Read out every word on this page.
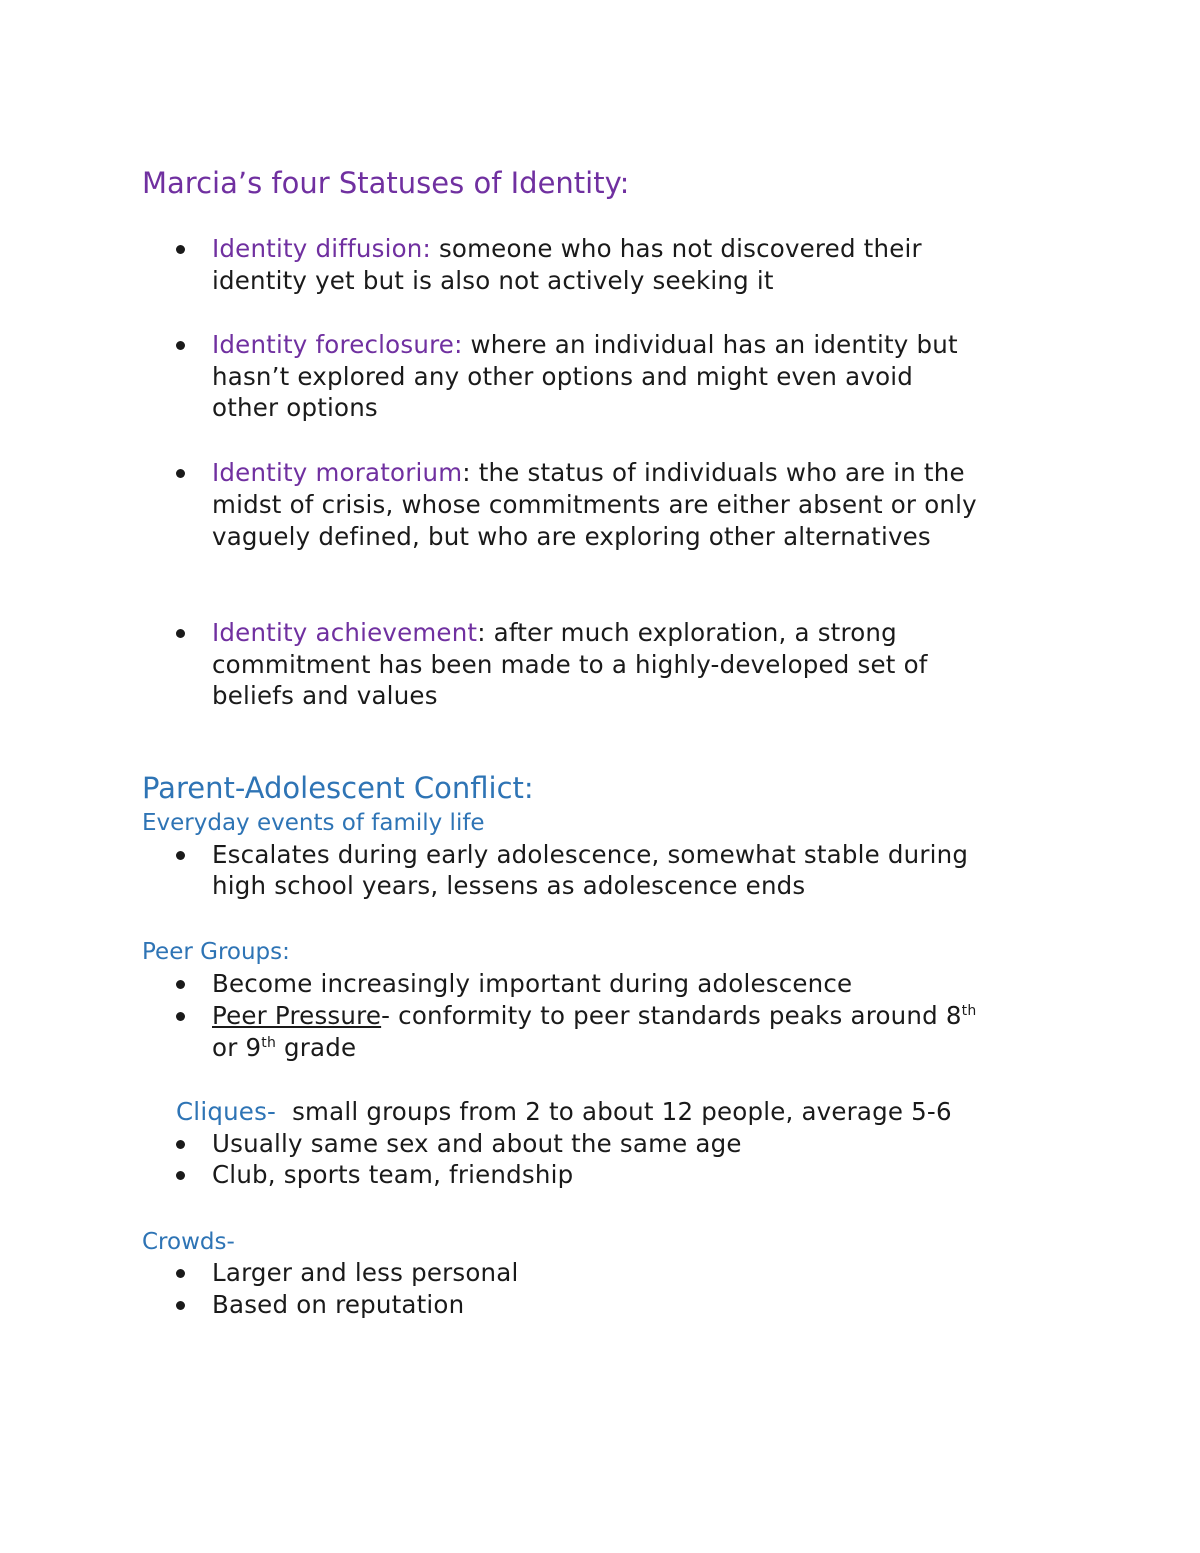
Marcia’s four Statuses of Identity:
Identity diffusion: someone who has not discovered their
identity yet but is also not actively seeking it
Identity foreclosure: where an individual has an identity but
hasn’t explored any other options and might even avoid
other options
Identity moratorium: the status of individuals who are in the
midst of crisis, whose commitments are either absent or only
vaguely defined, but who are exploring other alternatives
Identity achievement: after much exploration, a strong
commitment has been made to a highly-developed set of
beliefs and values
Parent-Adolescent Conflict:
Everyday events of family life
Escalates during early adolescence, somewhat stable during
high school years, lessens as adolescence ends
Peer Groups:
Become increasingly important during adolescence
Peer Pressure- conformity to peer standards peaks around 8th
or 9th grade
Cliques-  small groups from 2 to about 12 people, average 5-6
Usually same sex and about the same age
Club, sports team, friendship
Crowds-
Larger and less personal
Based on reputation
